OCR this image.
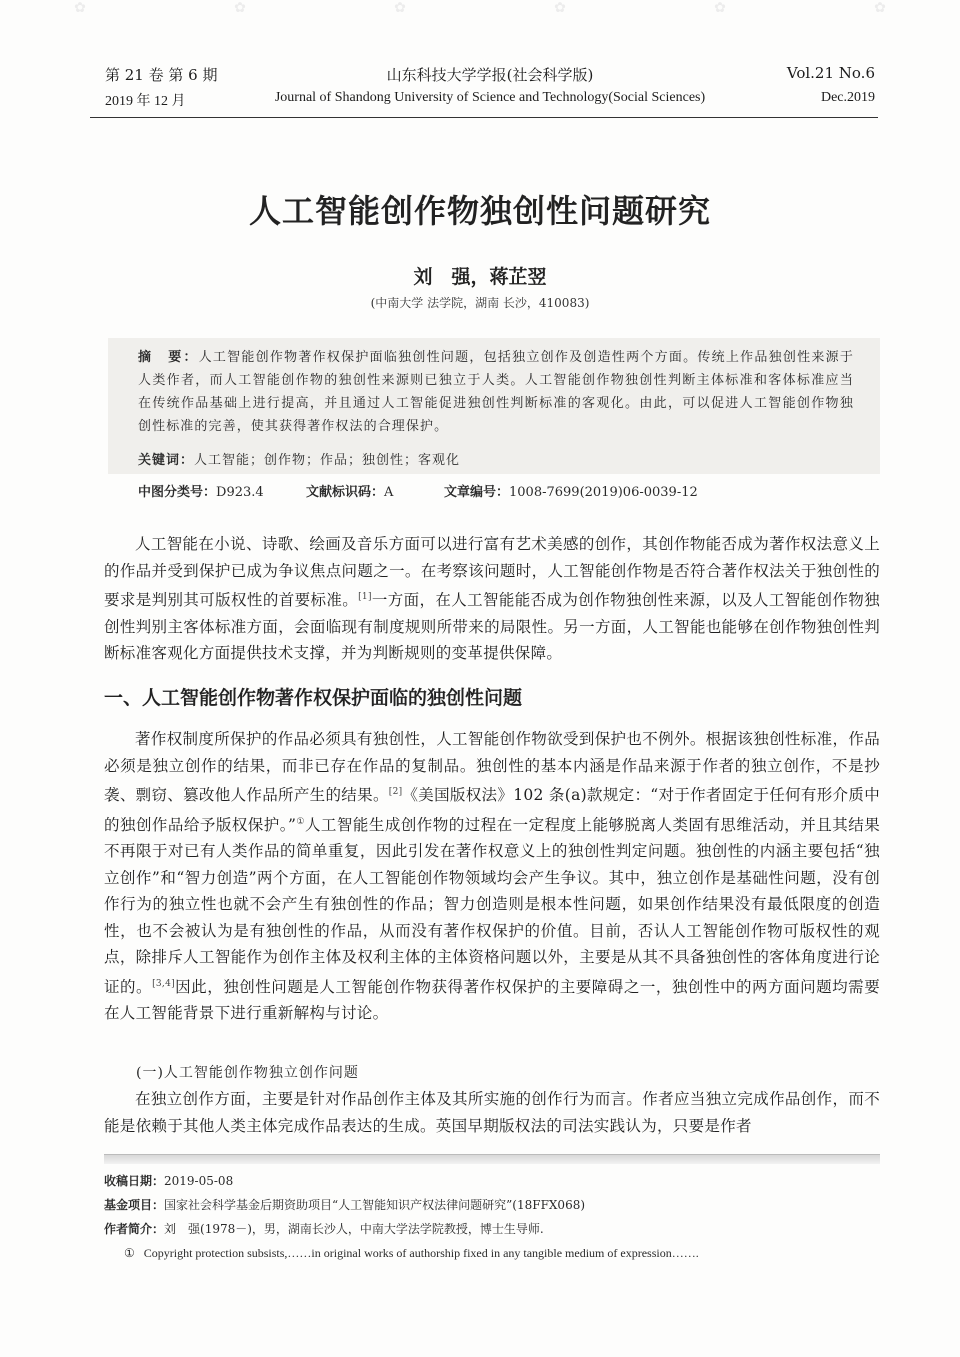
✿	✿	✿	✿	✿	✿
第 21 卷 第 6 期	山东科技大学学报(社会科学版)	Vol.21 No.6
2019 年 12 月	Journal of Shandong University of Science and Technology(Social Sciences)	Dec.2019
人工智能创作物独创性问题研究
刘　强，蒋芷翌
(中南大学 法学院，湖南 长沙，410083)
摘　要：人工智能创作物著作权保护面临独创性问题，包括独立创作及创造性两个方面。传统上作品独创性来源于人类作者，而人工智能创作物的独创性来源则已独立于人类。人工智能创作物独创性判断主体标准和客体标准应当在传统作品基础上进行提高，并且通过人工智能促进独创性判断标准的客观化。由此，可以促进人工智能创作物独创性标准的完善，使其获得著作权法的合理保护。
关键词：人工智能；创作物；作品；独创性；客观化
中图分类号：D923.4	文献标识码：A	文章编号：1008-7699(2019)06-0039-12
人工智能在小说、诗歌、绘画及音乐方面可以进行富有艺术美感的创作，其创作物能否成为著作权法意义上的作品并受到保护已成为争议焦点问题之一。在考察该问题时，人工智能创作物是否符合著作权法关于独创性的要求是判别其可版权性的首要标准。[1]一方面，在人工智能能否成为创作物独创性来源，以及人工智能创作物独创性判别主客体标准方面，会面临现有制度规则所带来的局限性。另一方面，人工智能也能够在创作物独创性判断标准客观化方面提供技术支撑，并为判断规则的变革提供保障。
一、人工智能创作物著作权保护面临的独创性问题
著作权制度所保护的作品必须具有独创性，人工智能创作物欲受到保护也不例外。根据该独创性标准，作品必须是独立创作的结果，而非已存在作品的复制品。独创性的基本内涵是作品来源于作者的独立创作，不是抄袭、剽窃、篡改他人作品所产生的结果。[2]《美国版权法》102 条(a)款规定：“对于作者固定于任何有形介质中的独创作品给予版权保护。”①人工智能生成创作物的过程在一定程度上能够脱离人类固有思维活动，并且其结果不再限于对已有人类作品的简单重复，因此引发在著作权意义上的独创性判定问题。独创性的内涵主要包括“独立创作”和“智力创造”两个方面，在人工智能创作物领域均会产生争议。其中，独立创作是基础性问题，没有创作行为的独立性也就不会产生有独创性的作品；智力创造则是根本性问题，如果创作结果没有最低限度的创造性，也不会被认为是有独创性的作品，从而没有著作权保护的价值。目前，否认人工智能创作物可版权性的观点，除排斥人工智能作为创作主体及权利主体的主体资格问题以外，主要是从其不具备独创性的客体角度进行论证的。[3,4]因此，独创性问题是人工智能创作物获得著作权保护的主要障碍之一，独创性中的两方面问题均需要在人工智能背景下进行重新解构与讨论。
(一)人工智能创作物独立创作问题
在独立创作方面，主要是针对作品创作主体及其所实施的创作行为而言。作者应当独立完成作品创作，而不能是依赖于其他人类主体完成作品表达的生成。英国早期版权法的司法实践认为，只要是作者
收稿日期：2019-05-08
基金项目：国家社会科学基金后期资助项目“人工智能知识产权法律问题研究”(18FFX068)
作者简介：刘　强(1978－)，男，湖南长沙人，中南大学法学院教授，博士生导师.
① Copyright protection subsists,……in original works of authorship fixed in any tangible medium of expression…….
